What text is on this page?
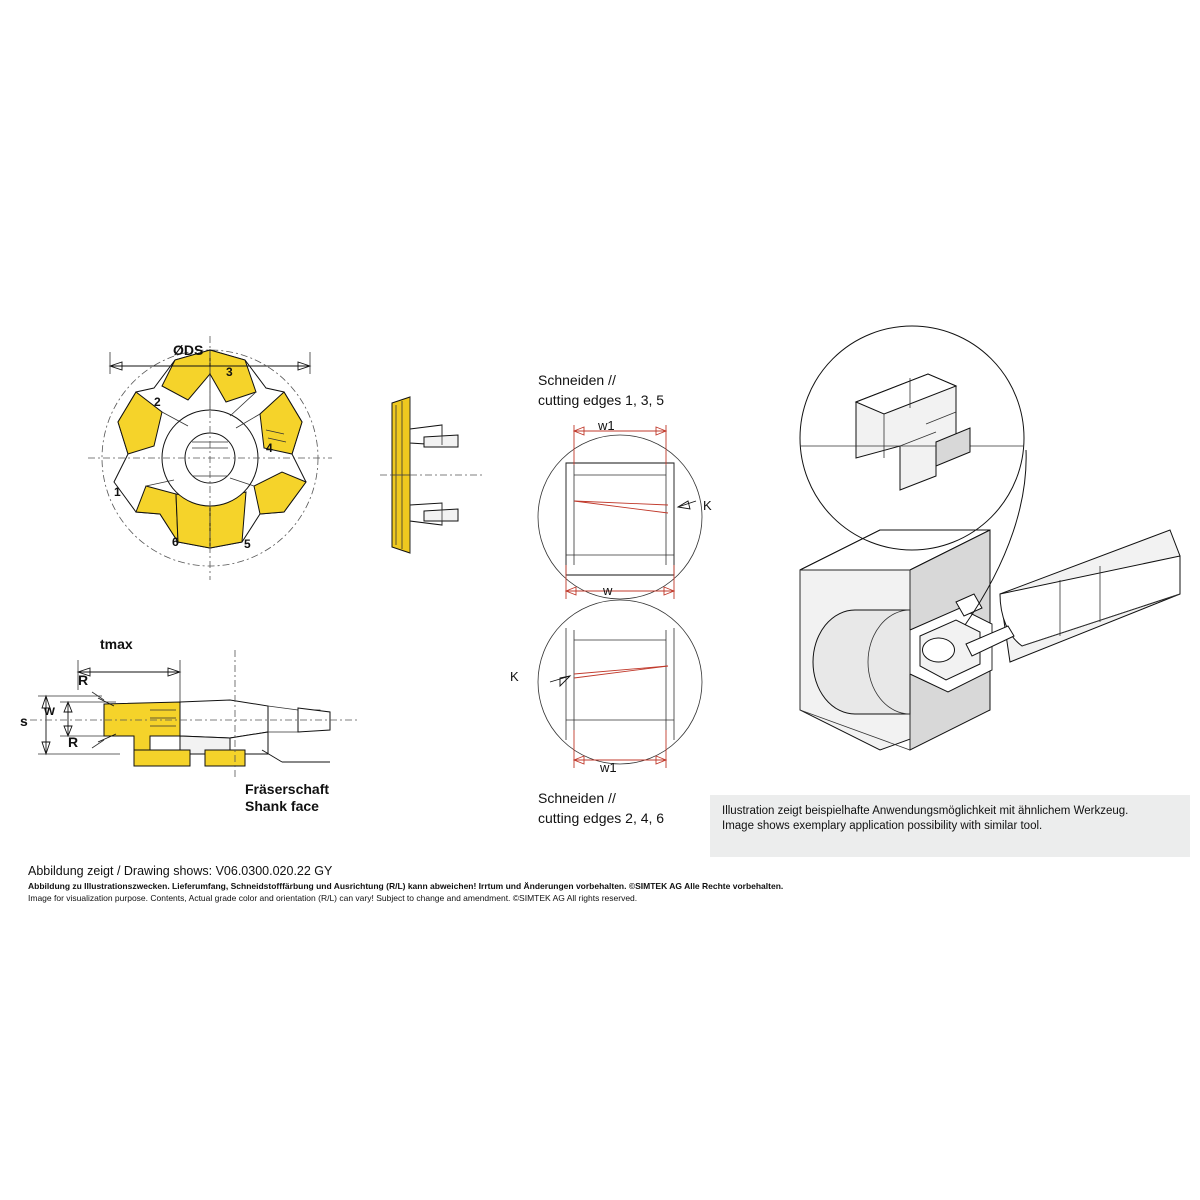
1
2
3
4
5
6
ØDS
tmax
s
w
R
R
Fräserschaft
Shank face
Schneiden //
cutting edges 1, 3, 5
w1
w
K
K
w1
Schneiden //
cutting edges 2, 4, 6	Illustration zeigt beispielhafte Anwendungsmöglichkeit mit ähnlichem Werkzeug.
Image shows exemplary application possibility with similar tool.
Abbildung zeigt / Drawing shows: V06.0300.020.22 GY
Abbildung zu Illustrationszwecken. Lieferumfang, Schneidstofffärbung und Ausrichtung (R/L) kann abweichen! Irrtum und Änderungen vorbehalten. ©SIMTEK AG Alle Rechte vorbehalten.
Image for visualization purpose. Contents, Actual grade color and orientation (R/L) can vary! Subject to change and amendment. ©SIMTEK AG All rights reserved.
